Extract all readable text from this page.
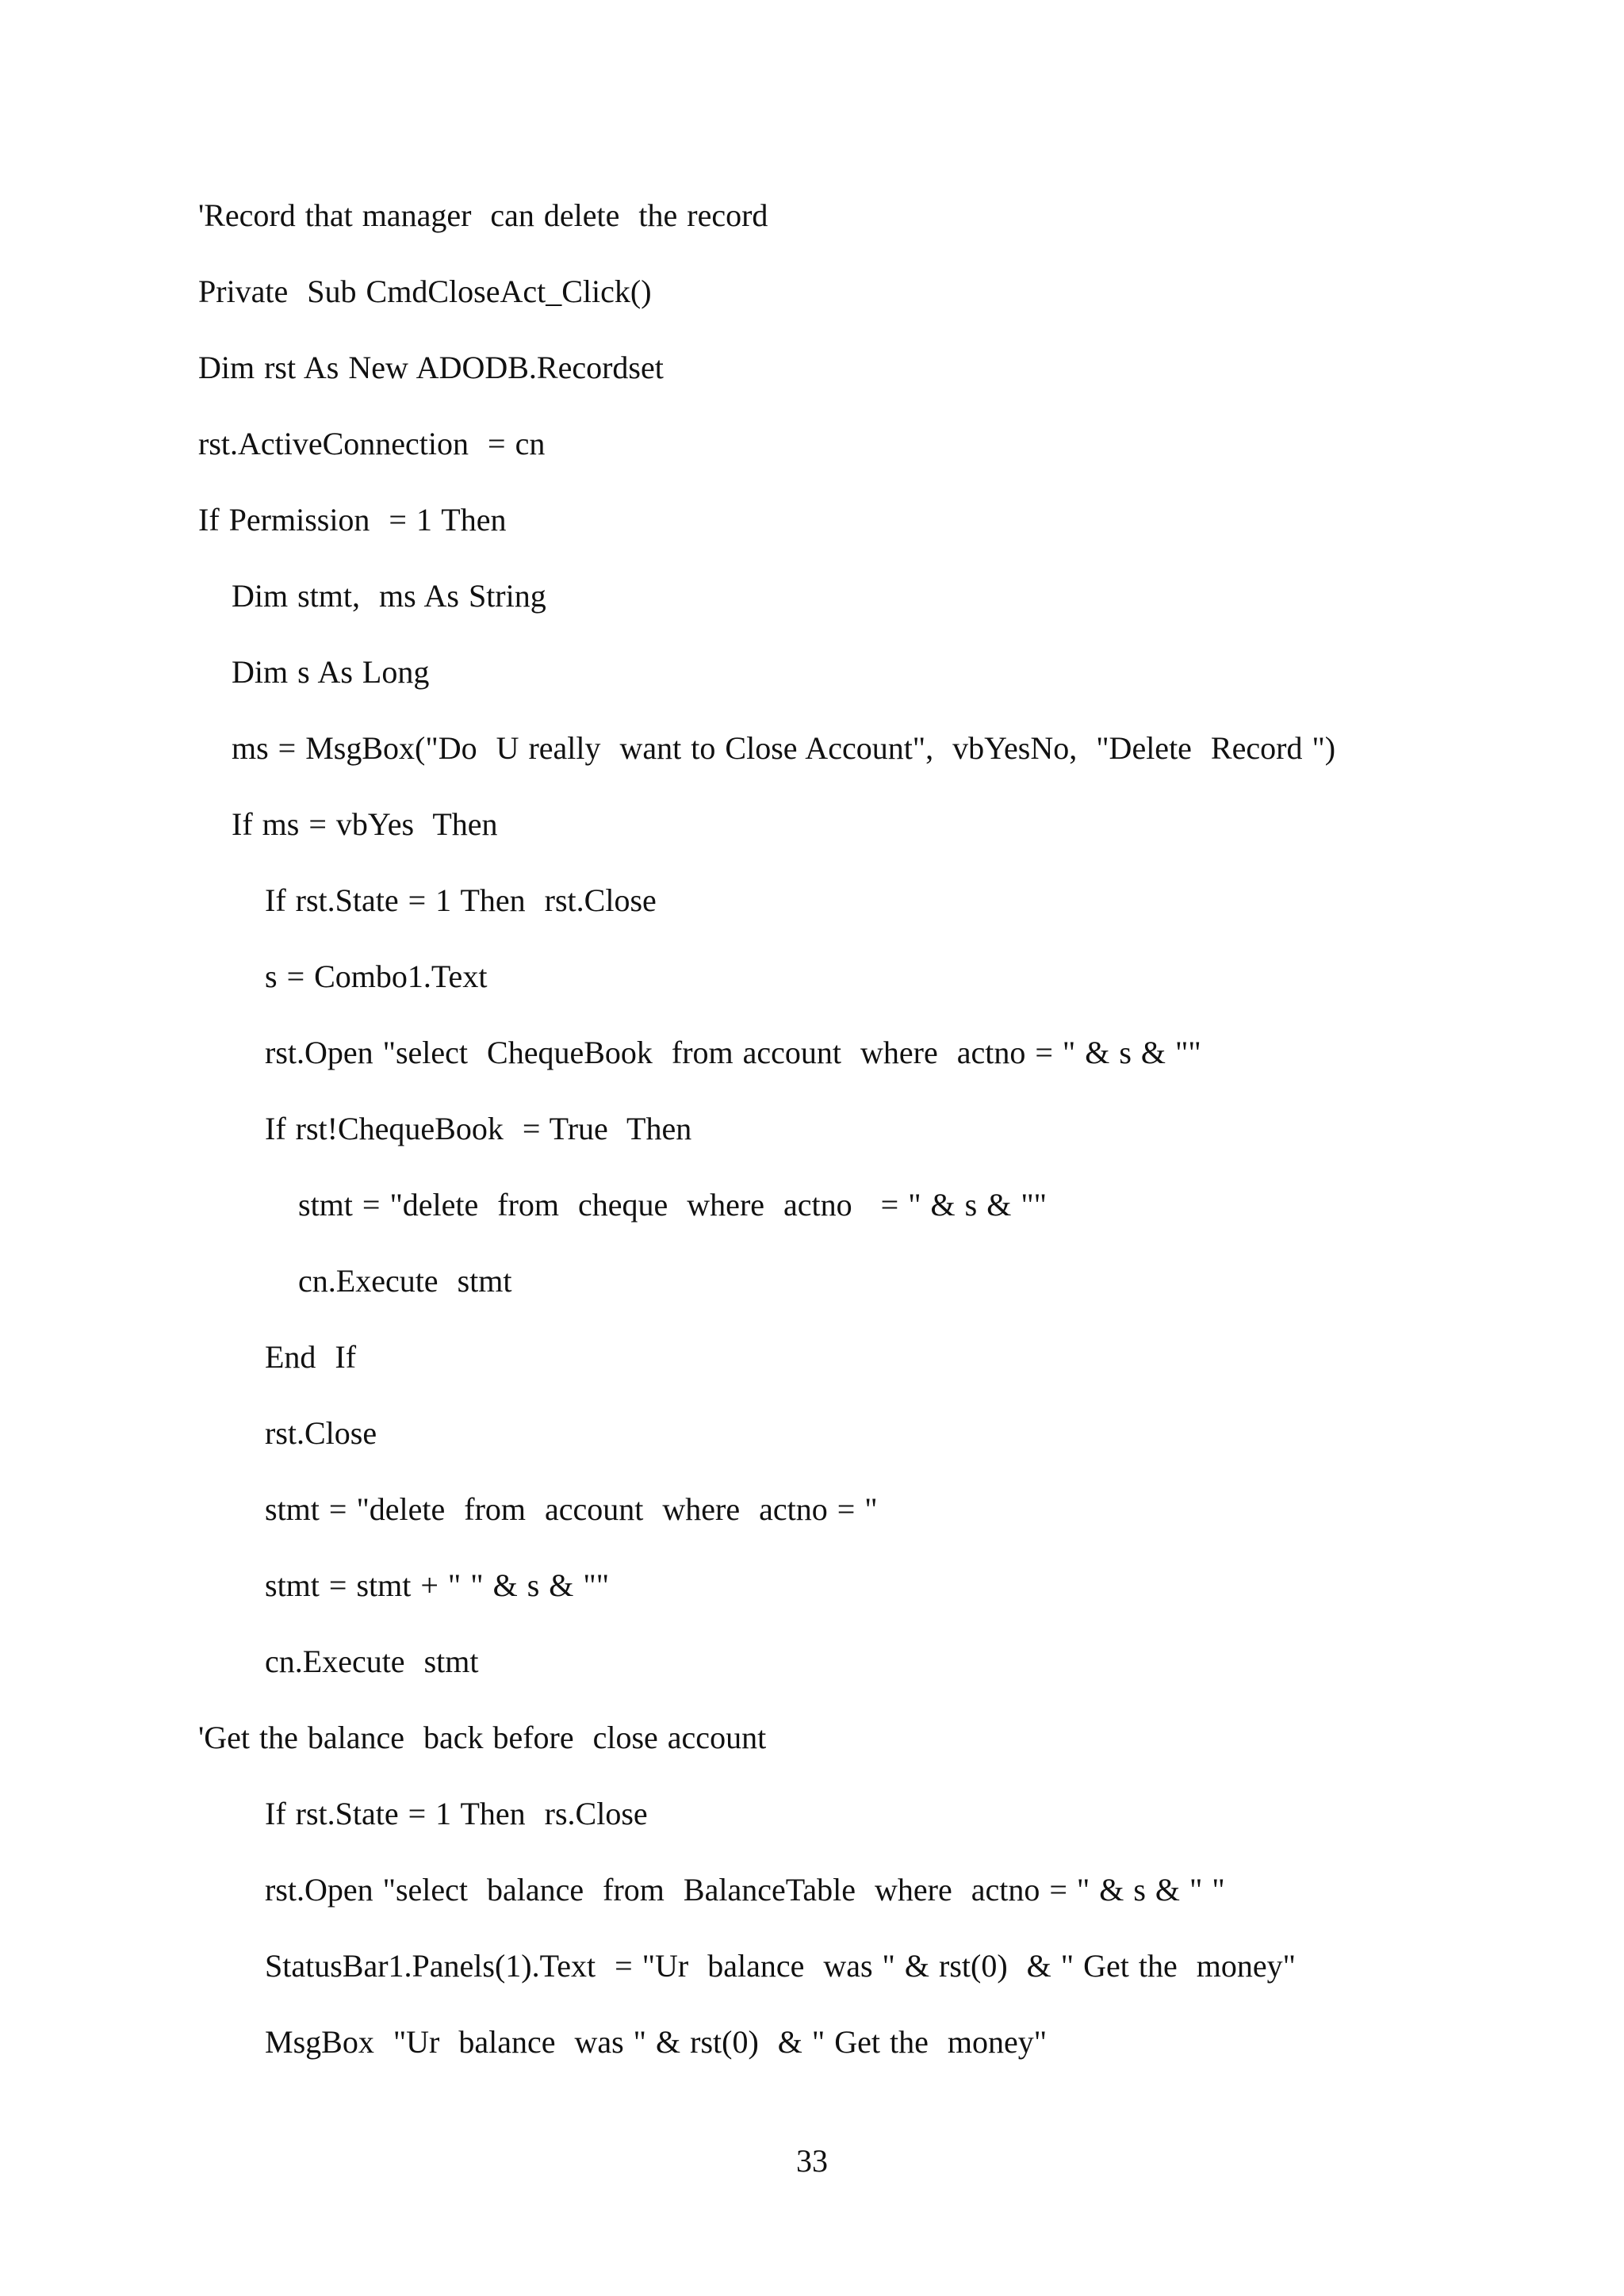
'Record that manager  can delete  the record
Private  Sub CmdCloseAct_Click()
Dim rst As New ADODB.Recordset
rst.ActiveConnection  = cn
If Permission  = 1 Then
Dim stmt,  ms As String
Dim s As Long
ms = MsgBox("Do  U really  want to Close Account",  vbYesNo,  "Delete  Record ")
If ms = vbYes  Then
If rst.State = 1 Then  rst.Close
s = Combo1.Text
rst.Open "select  ChequeBook  from account  where  actno = " & s & ""
If rst!ChequeBook  = True  Then
stmt = "delete  from  cheque  where  actno   = " & s & ""
cn.Execute  stmt
End  If
rst.Close
stmt = "delete  from  account  where  actno = "
stmt = stmt + " " & s & ""
cn.Execute  stmt
'Get the balance  back before  close account
If rst.State = 1 Then  rs.Close
rst.Open "select  balance  from  BalanceTable  where  actno = " & s & " "
StatusBar1.Panels(1).Text  = "Ur  balance  was " & rst(0)  & " Get the  money"
MsgBox  "Ur  balance  was " & rst(0)  & " Get the  money"
33
